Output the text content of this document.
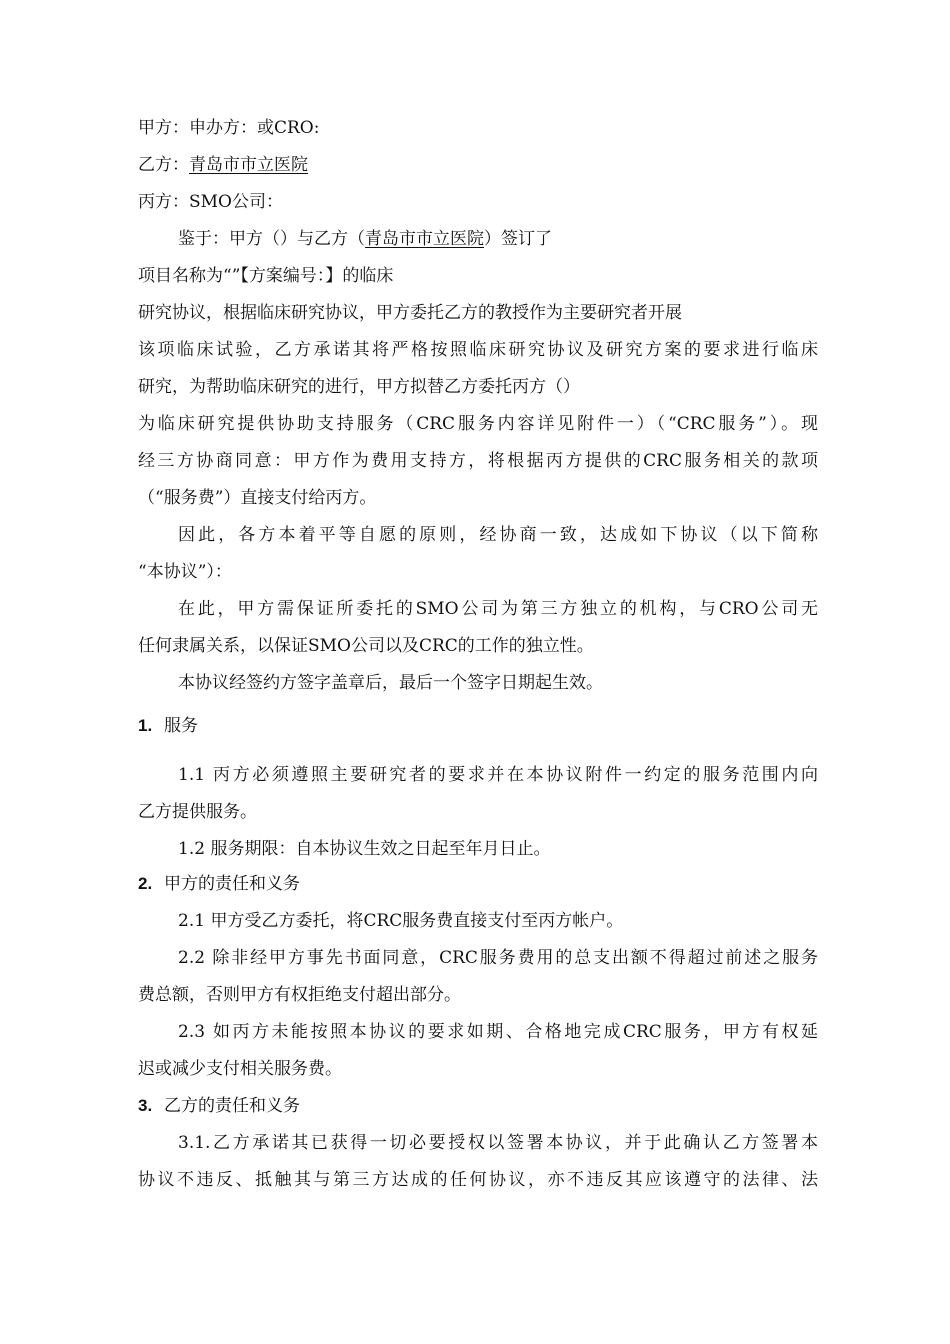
甲方：申办方：或CRO:
乙方：青岛市市立医院
丙方：SMO公司：
鉴于：甲方（）与乙方（青岛市市立医院）签订了
项目名称为“”【方案编号：】的临床
研究协议，根据临床研究协议，甲方委托乙方的教授作为主要研究者开展
该项临床试验，乙方承诺其将严格按照临床研究协议及研究方案的要求进行临床
研究，为帮助临床研究的进行，甲方拟替乙方委托丙方（）
为临床研究提供协助支持服务（CRC服务内容详见附件一）（“CRC服务”）。现
经三方协商同意：甲方作为费用支持方，将根据丙方提供的CRC服务相关的款项
（“服务费”）直接支付给丙方。
因此，各方本着平等自愿的原则，经协商一致，达成如下协议（以下简称
“本协议”）：
在此，甲方需保证所委托的SMO公司为第三方独立的机构，与CRO公司无
任何隶属关系，以保证SMO公司以及CRC的工作的独立性。
本协议经签约方签字盖章后，最后一个签字日期起生效。
1. 服务
1.1 丙方必须遵照主要研究者的要求并在本协议附件一约定的服务范围内向
乙方提供服务。
1.2 服务期限：自本协议生效之日起至年月日止。
2. 甲方的责任和义务
2.1 甲方受乙方委托，将CRC服务费直接支付至丙方帐户。
2.2 除非经甲方事先书面同意，CRC服务费用的总支出额不得超过前述之服务
费总额，否则甲方有权拒绝支付超出部分。
2.3 如丙方未能按照本协议的要求如期、合格地完成CRC服务，甲方有权延
迟或减少支付相关服务费。
3. 乙方的责任和义务
3.1.乙方承诺其已获得一切必要授权以签署本协议，并于此确认乙方签署本
协议不违反、抵触其与第三方达成的任何协议，亦不违反其应该遵守的法律、法
